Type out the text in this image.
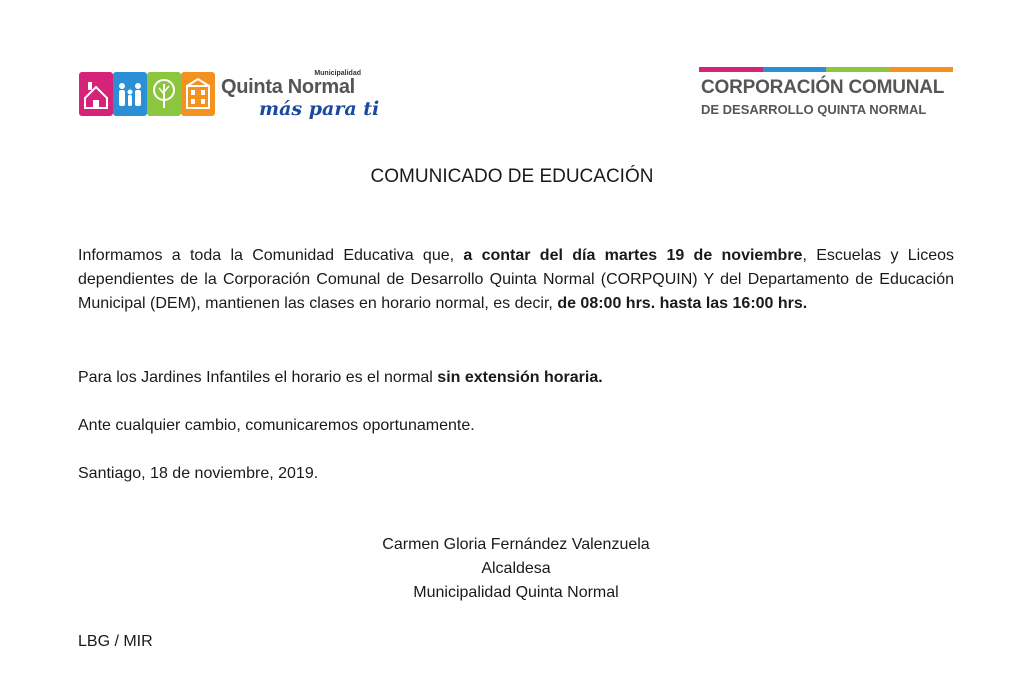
Municipalidad
Quinta Normal
más para ti
CORPORACIÓN COMUNAL
DE DESARROLLO QUINTA NORMAL
COMUNICADO DE EDUCACIÓN

Informamos a toda la Comunidad Educativa que, a contar del día martes 19 de noviembre, Escuelas y Liceos dependientes de la Corporación Comunal de Desarrollo Quinta Normal (CORPQUIN) Y del Departamento de Educación Municipal (DEM), mantienen las clases en horario normal, es decir, de 08:00 hrs. hasta las 16:00 hrs.

Para los Jardines Infantiles el horario es el normal sin extensión horaria.

Ante cualquier cambio, comunicaremos oportunamente.

Santiago, 18 de noviembre, 2019.

Carmen Gloria Fernández Valenzuela
Alcaldesa
Municipalidad Quinta Normal
LBG / MIR
